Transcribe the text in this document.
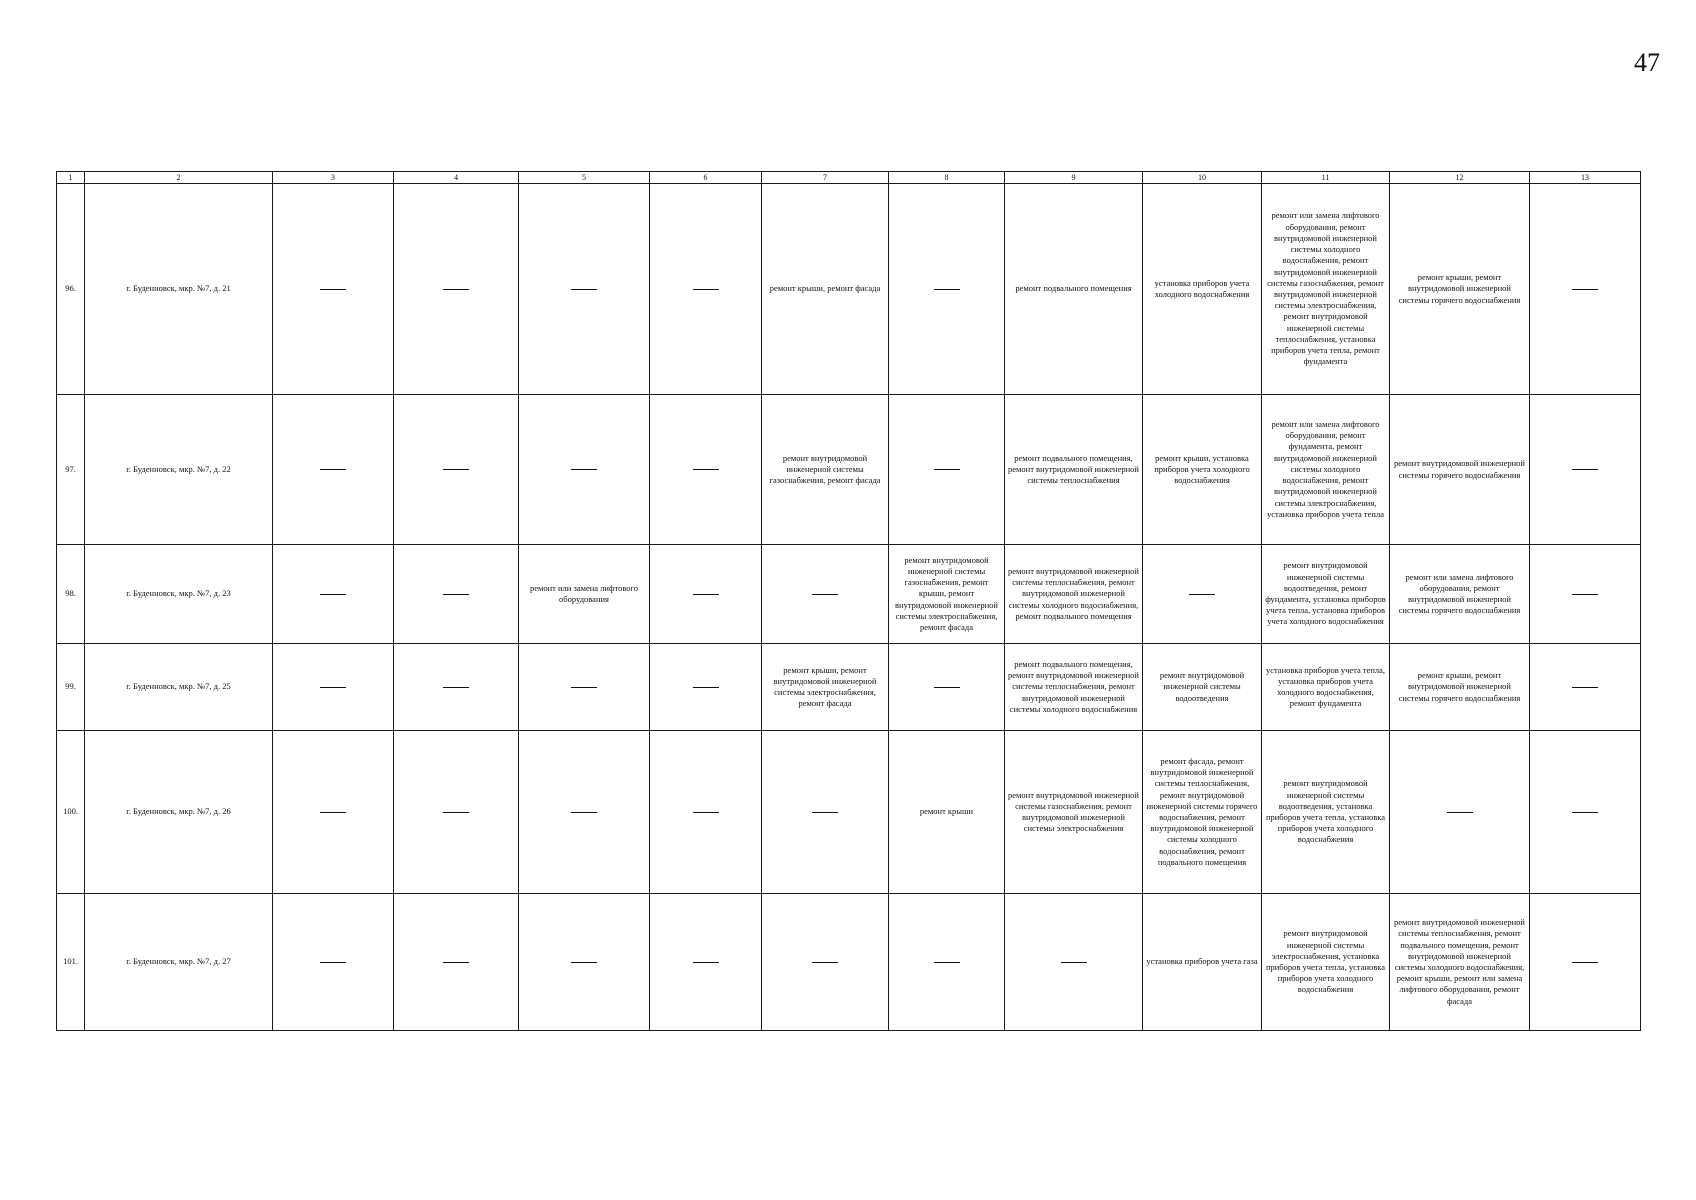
47
1	2	3	4	5	6	7	8	9	10	11	12	13
96.	г. Буденновск, мкр. №7, д. 21					ремонт крыши, ремонт фасада		ремонт подвального помещения	установка приборов учета холодного водоснабжения	ремонт или замена лифтового оборудования, ремонт внутридомовой инженерной системы холодного водоснабжения, ремонт внутридомовой инженерной системы газоснабжения, ремонт внутридомовой инженерной системы электроснабжения, ремонт внутридомовой инженерной системы теплоснабжения, установка приборов учета тепла, ремонт фундамента	ремонт крыши, ремонт внутридомовой инженерной системы горячего водоснабжения	
97.	г. Буденновск, мкр. №7, д. 22					ремонт внутридомовой инженерной системы газоснабжения, ремонт фасада		ремонт подвального помещения, ремонт внутридомовой инженерной системы теплоснабжения	ремонт крыши, установка приборов учета холодного водоснабжения	ремонт или замена лифтового оборудования, ремонт фундамента, ремонт внутридомовой инженерной системы холодного водоснабжения, ремонт внутридомовой инженерной системы электроснабжения, установка приборов учета тепла	ремонт внутридомовой инженерной системы горячего водоснабжения	
98.	г. Буденновск, мкр. №7, д. 23			ремонт или замена лифтового оборудования			ремонт внутридомовой инженерной системы газоснабжения, ремонт крыши, ремонт внутридомовой инженерной системы электроснабжения, ремонт фасада	ремонт внутридомовой инженерной системы теплоснабжения, ремонт внутридомовой инженерной системы холодного водоснабжения, ремонт подвального помещения		ремонт внутридомовой инженерной системы водоотведения, ремонт фундамента, установка приборов учета тепла, установка приборов учета холодного водоснабжения	ремонт или замена лифтового оборудования, ремонт внутридомовой инженерной системы горячего водоснабжения	
99.	г. Буденновск, мкр. №7, д. 25					ремонт крыши, ремонт внутридомовой инженерной системы электроснабжения, ремонт фасада		ремонт подвального помещения, ремонт внутридомовой инженерной системы теплоснабжения, ремонт внутридомовой инженерной системы холодного водоснабжения	ремонт внутридомовой инженерной системы водоотведения	установка приборов учета тепла, установка приборов учета холодного водоснабжения, ремонт фундамента	ремонт крыши, ремонт внутридомовой инженерной системы горячего водоснабжения	
100.	г. Буденновск, мкр. №7, д. 26						ремонт крыши	ремонт внутридомовой инженерной системы газоснабжения, ремонт внутридомовой инженерной системы электроснабжения	ремонт фасада, ремонт внутридомовой инженерной системы теплоснабжения, ремонт внутридомовой инженерной системы горячего водоснабжения, ремонт внутридомовой инженерной системы холодного водоснабжения, ремонт подвального помещения	ремонт внутридомовой инженерной системы водоотведения, установка приборов учета тепла, установка приборов учета холодного водоснабжения		
101.	г. Буденновск, мкр. №7, д. 27								установка приборов учета газа	ремонт внутридомовой инженерной системы электроснабжения, установка приборов учета тепла, установка приборов учета холодного водоснабжения	ремонт внутридомовой инженерной системы теплоснабжения, ремонт подвального помещения, ремонт внутридомовой инженерной системы холодного водоснабжения, ремонт крыши, ремонт или замена лифтового оборудования, ремонт фасада	
